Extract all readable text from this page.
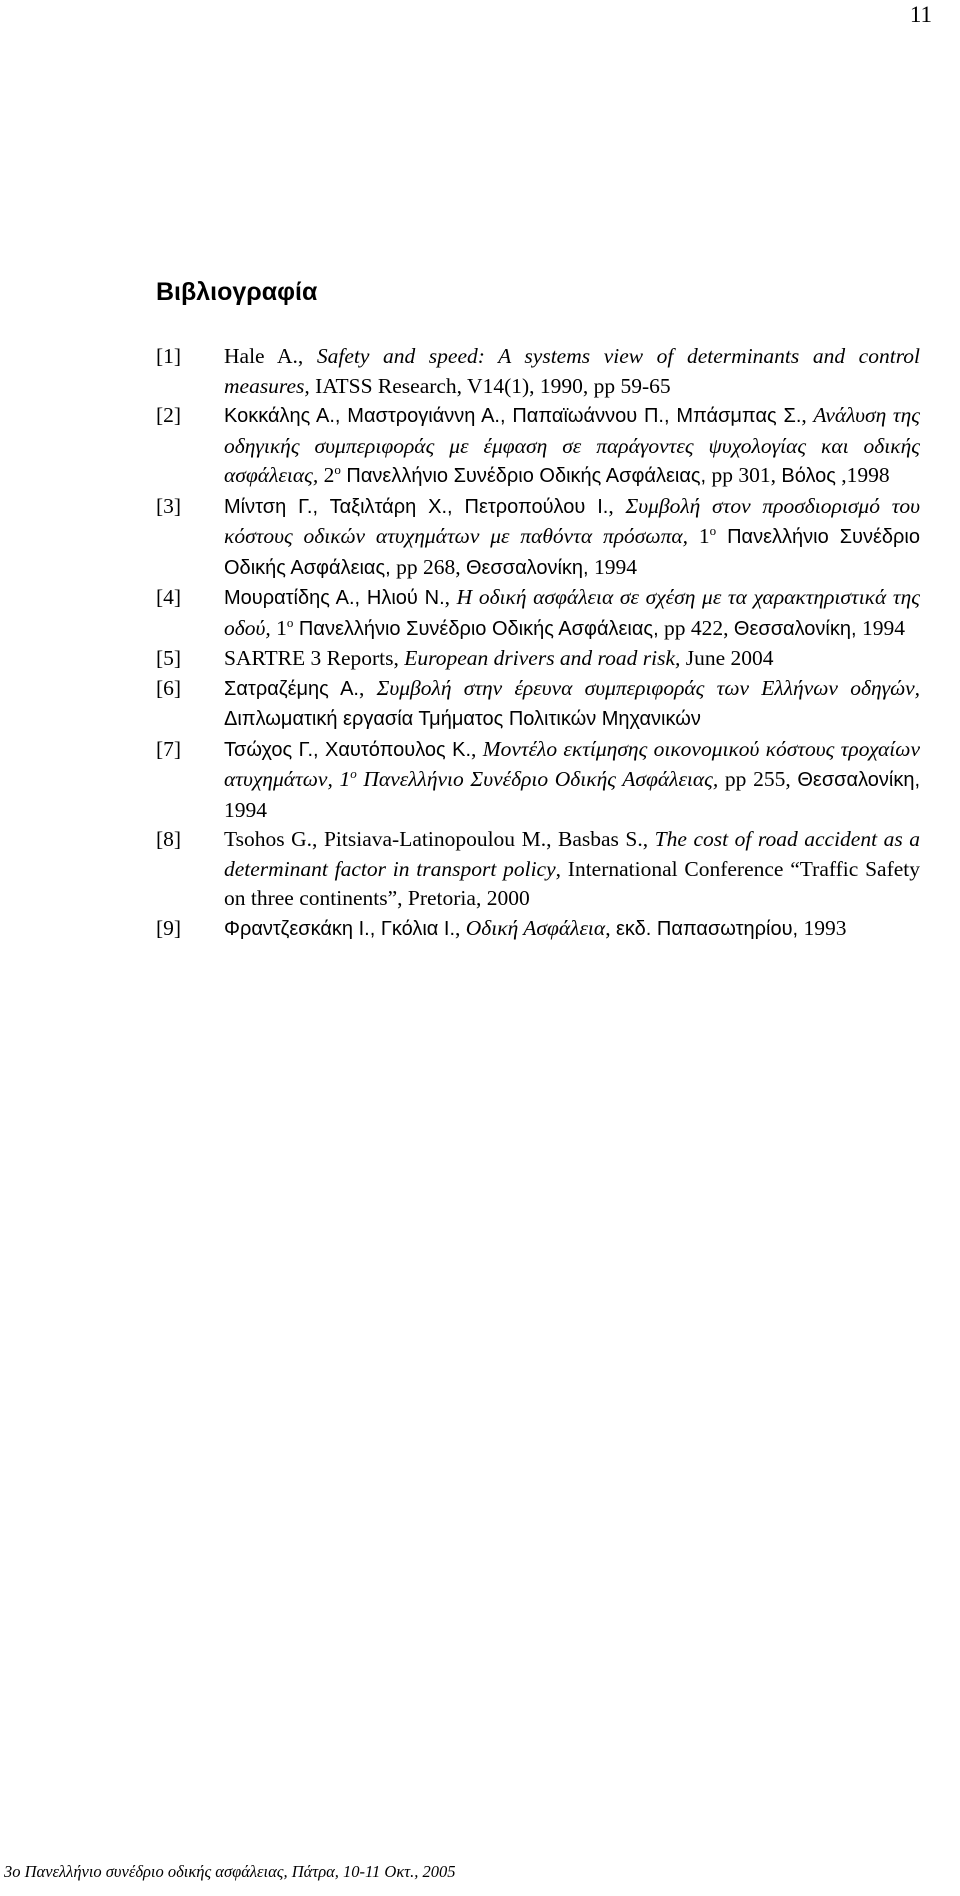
11
Βιβλιογραφία
[1] Hale A., Safety and speed: A systems view of determinants and control measures, IATSS Research, V14(1), 1990, pp 59-65
[2] Κοκκάλης Α., Μαστρογιάννη Α., Παπαϊωάννου Π., Μπάσμπας Σ., Ανάλυση της οδηγικής συμπεριφοράς με έμφαση σε παράγοντες ψυχολογίας και οδικής ασφάλειας, $2^o$ Πανελλήνιο Συνέδριο Οδικής Ασφάλειας, pp 301, Βόλος ,1998
[3] Μίντση Γ., Ταξιλτάρη Χ., Πετροπούλου Ι., Συμβολή στον προσδιορισμό του κόστους οδικών ατυχημάτων με παθόντα πρόσωπα, $1^o$ Πανελλήνιο Συνέδριο Οδικής Ασφάλειας, pp 268, Θεσσαλονίκη, 1994
[4] Μουρατίδης Α., Ηλιού Ν., Η οδική ασφάλεια σε σχέση με τα χαρακτηριστικά της οδού, $1^o$ Πανελλήνιο Συνέδριο Οδικής Ασφάλειας, pp 422, Θεσσαλονίκη, 1994
[5] SARTRE 3 Reports, European drivers and road risk, June 2004
[6] Σατραζέμης Α., Συμβολή στην έρευνα συμπεριφοράς των Ελλήνων οδηγών, Διπλωματική εργασία Τμήματος Πολιτικών Μηχανικών
[7] Τσώχος Γ., Χαυτόπουλος Κ., Μοντέλο εκτίμησης οικονομικού κόστους τροχαίων ατυχημάτων, $1^o$ Πανελλήνιο Συνέδριο Οδικής Ασφάλειας, pp 255, Θεσσαλονίκη, 1994
[8] Tsohos G., Pitsiava-Latinopoulou M., Basbas S., The cost of road accident as a determinant factor in transport policy, International Conference “Traffic Safety on three continents”, Pretoria, 2000
[9] Φραντζεσκάκη Ι., Γκόλια Ι., Οδική Ασφάλεια, εκδ. Παπασωτηρίου, 1993
3ο Πανελλήνιο συνέδριο οδικής ασφάλειας, Πάτρα, 10-11 Οκτ., 2005
